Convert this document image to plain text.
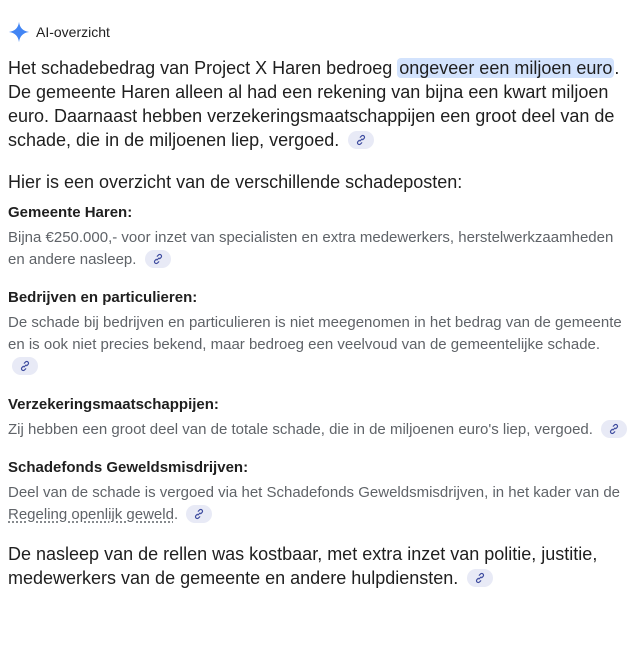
AI-overzicht

Het schadebedrag van Project X Haren bedroeg ongeveer een miljoen euro . De gemeente Haren alleen al had een rekening van bijna een kwart miljoen euro. Daarnaast hebben verzekeringsmaatschappijen een groot deel van de schade, die in de miljoenen liep, vergoed.

Hier is een overzicht van de verschillende schadeposten:

Gemeente Haren:

Bijna €250.000,- voor inzet van specialisten en extra medewerkers, herstelwerkzaamheden en andere nasleep.

Bedrijven en particulieren:

De schade bij bedrijven en particulieren is niet meegenomen in het bedrag van de gemeente en is ook niet precies bekend, maar bedroeg een veelvoud van de gemeentelijke schade.

Verzekeringsmaatschappijen:

Zij hebben een groot deel van de totale schade, die in de miljoenen euro's liep, vergoed.

Schadefonds Geweldsmisdrijven:

Deel van de schade is vergoed via het Schadefonds Geweldsmisdrijven, in het kader van de Regeling openlijk geweld.

De nasleep van de rellen was kostbaar, met extra inzet van politie, justitie, medewerkers van de gemeente en andere hulpdiensten.
